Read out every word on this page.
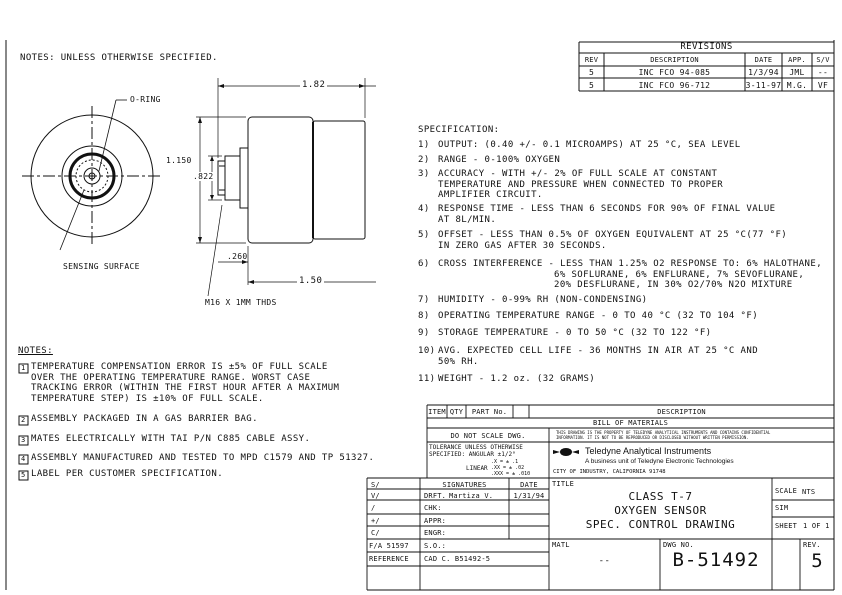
NOTES: UNLESS OTHERWISE SPECIFIED.
REVISIONS
REV	DESCRIPTION	DATE	APP.	S/V
5	INC FCO 94-085	1/3/94	JML	--
5	INC FCO 96-712	3-11-97 M.G.	VF
1.82
1.150
.822
.260
1.50
O-RING
SENSING SURFACE
M16 X 1MM THDS
SPECIFICATION:
1) OUTPUT: (0.40 +/- 0.1 MICROAMPS) AT 25 °C, SEA LEVEL
2) RANGE - 0-100% OXYGEN
3) ACCURACY - WITH +/- 2% OF FULL SCALE AT CONSTANT
TEMPERATURE AND PRESSURE WHEN CONNECTED TO PROPER
AMPLIFIER CIRCUIT.
4) RESPONSE TIME - LESS THAN 6 SECONDS FOR 90% OF FINAL VALUE
AT 8L/MIN.
5) OFFSET - LESS THAN 0.5% OF OXYGEN EQUIVALENT AT 25 °C(77 °F)
IN ZERO GAS AFTER 30 SECONDS.
6) CROSS INTERFERENCE - LESS THAN 1.25% O2 RESPONSE TO: 6% HALOTHANE,
6% SOFLURANE, 6% ENFLURANE, 7% SEVOFLURANE,
20% DESFLURANE, IN 30% O2/70% N2O MIXTURE
7) HUMIDITY - 0-99% RH (NON-CONDENSING)
8) OPERATING TEMPERATURE RANGE - 0 TO 40 °C (32 TO 104 °F)
9) STORAGE TEMPERATURE - 0 TO 50 °C (32 TO 122 °F)
10) AVG. EXPECTED CELL LIFE - 36 MONTHS IN AIR AT 25 °C AND
50% RH.
11) WEIGHT - 1.2 oz. (32 GRAMS)
NOTES:
1 TEMPERATURE COMPENSATION ERROR IS ±5% OF FULL SCALE
OVER THE OPERATING TEMPERATURE RANGE. WORST CASE
TRACKING ERROR (WITHIN THE FIRST HOUR AFTER A MAXIMUM
TEMPERATURE STEP) IS ±10% OF FULL SCALE.
2 ASSEMBLY PACKAGED IN A GAS BARRIER BAG.
3 MATES ELECTRICALLY WITH TAI P/N C885 CABLE ASSY.
4 ASSEMBLY MANUFACTURED AND TESTED TO MPD C1579 AND TP 51327.
5 LABEL PER CUSTOMER SPECIFICATION.
ITEM QTY	PART No.	DESCRIPTION
BILL OF MATERIALS
DO NOT SCALE DWG.	THIS DRAWING IS THE PROPERTY OF TELEDYNE ANALYTICAL INSTRUMENTS AND CONTAINS CONFIDENTIAL
INFORMATION. IT IS NOT TO BE REPRODUCED OR DISCLOSED WITHOUT WRITTEN PERMISSION.
TOLERANCE UNLESS OTHERWISE
SPECIFIED: ANGULAR ±1/2°
LINEAR
.X = ± .1
.XX = ± .02
.XXX = ± .010
Teledyne Analytical Instruments
A business unit of Teledyne Electronic Technologies
CITY OF INDUSTRY, CALIFORNIA 91748
S/	SIGNATURES	DATE
V/	DRFT. Martiza V.	1/31/94
/	CHK:
+/	APPR:
C/	ENGR:
F/A 51597 S.O.:
REFERENCE CAD C. B51492-5
TITLE
CLASS T-7
OXYGEN SENSOR
SPEC. CONTROL DRAWING
SCALE NTS
SIM
SHEET 1 OF 1
MATL
--
DWG NO.
B-51492
REV.
5
